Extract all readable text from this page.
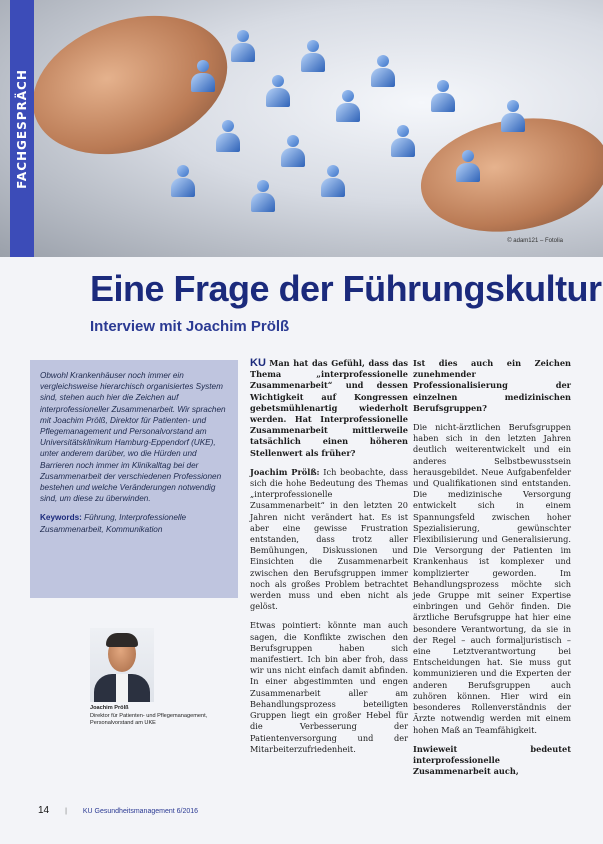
FACHGESPRÄCH
© adam121 – Fotolia
Eine Frage der Führungskultur
Interview mit Joachim Prölß

Obwohl Krankenhäuser noch immer ein vergleichsweise hierarchisch organisiertes System sind, stehen auch hier die Zeichen auf interprofessioneller Zusammenarbeit. Wir sprachen mit Joachim Prölß, Direktor für Patienten- und Pflegemanagement und Personalvorstand am Universitätsklinikum Hamburg-Eppendorf (UKE), unter anderem darüber, wo die Hürden und Barrieren noch immer im Klinikalltag bei der Zusammenarbeit der verschiedenen Professionen bestehen und welche Veränderungen notwendig sind, um diese zu überwinden.

Keywords: Führung, Interprofessionelle Zusammenarbeit, Kommunikation

Joachim Prölß
Direktor für Patienten- und Pflegemanagement, Personalvorstand am UKE

KU Man hat das Gefühl, dass das Thema „interprofessionelle Zusammenarbeit“ und dessen Wichtigkeit auf Kongressen gebetsmühlenartig wiederholt werden. Hat Interprofessionelle Zusammenarbeit mittlerweile tatsächlich einen höheren Stellenwert als früher?

Joachim Prölß: Ich beobachte, dass sich die hohe Bedeutung des Themas „interprofessionelle Zusammenarbeit“ in den letzten 20 Jahren nicht verändert hat. Es ist aber eine gewisse Frustration entstanden, dass trotz aller Bemühungen, Diskussionen und Einsichten die Zusammenarbeit zwischen den Berufsgruppen immer noch als großes Problem betrachtet werden muss und eben nicht als gelöst.

Etwas pointiert: könnte man auch sagen, die Konflikte zwischen den Berufsgruppen haben sich manifestiert. Ich bin aber froh, dass wir uns nicht einfach damit abfinden. In einer abgestimmten und engen Zusammenarbeit aller am Behandlungsprozess beteiligten Gruppen liegt ein großer Hebel für die Verbesserung der Patientenversorgung und der Mitarbeiterzufriedenheit.

Ist dies auch ein Zeichen zunehmender Professionalisierung der einzelnen medizinischen Berufsgruppen?

Die nicht-ärztlichen Berufsgruppen haben sich in den letzten Jahren deutlich weiterentwickelt und ein anderes Selbstbewusstsein herausgebildet. Neue Aufgabenfelder und Qualifikationen sind entstanden. Die medizinische Versorgung entwickelt sich in einem Spannungsfeld zwischen hoher Spezialisierung, gewünschter Flexibilisierung und Generalisierung. Die Versorgung der Patienten im Krankenhaus ist komplexer und komplizierter geworden. Im Behandlungsprozess möchte sich jede Gruppe mit seiner Expertise einbringen und Gehör finden. Die ärztliche Berufsgruppe hat hier eine besondere Verantwortung, da sie in der Regel – auch formaljuristisch – eine Letztverantwortung bei Entscheidungen hat. Sie muss gut kommunizieren und die Experten der anderen Berufsgruppen auch zuhören können. Hier wird ein besonderes Rollenverständnis der Ärzte notwendig werden mit einem hohen Maß an Teamfähigkeit.

Inwieweit bedeutet interprofessionelle Zusammenarbeit auch,

14 | KU Gesundheitsmanagement 6/2016
